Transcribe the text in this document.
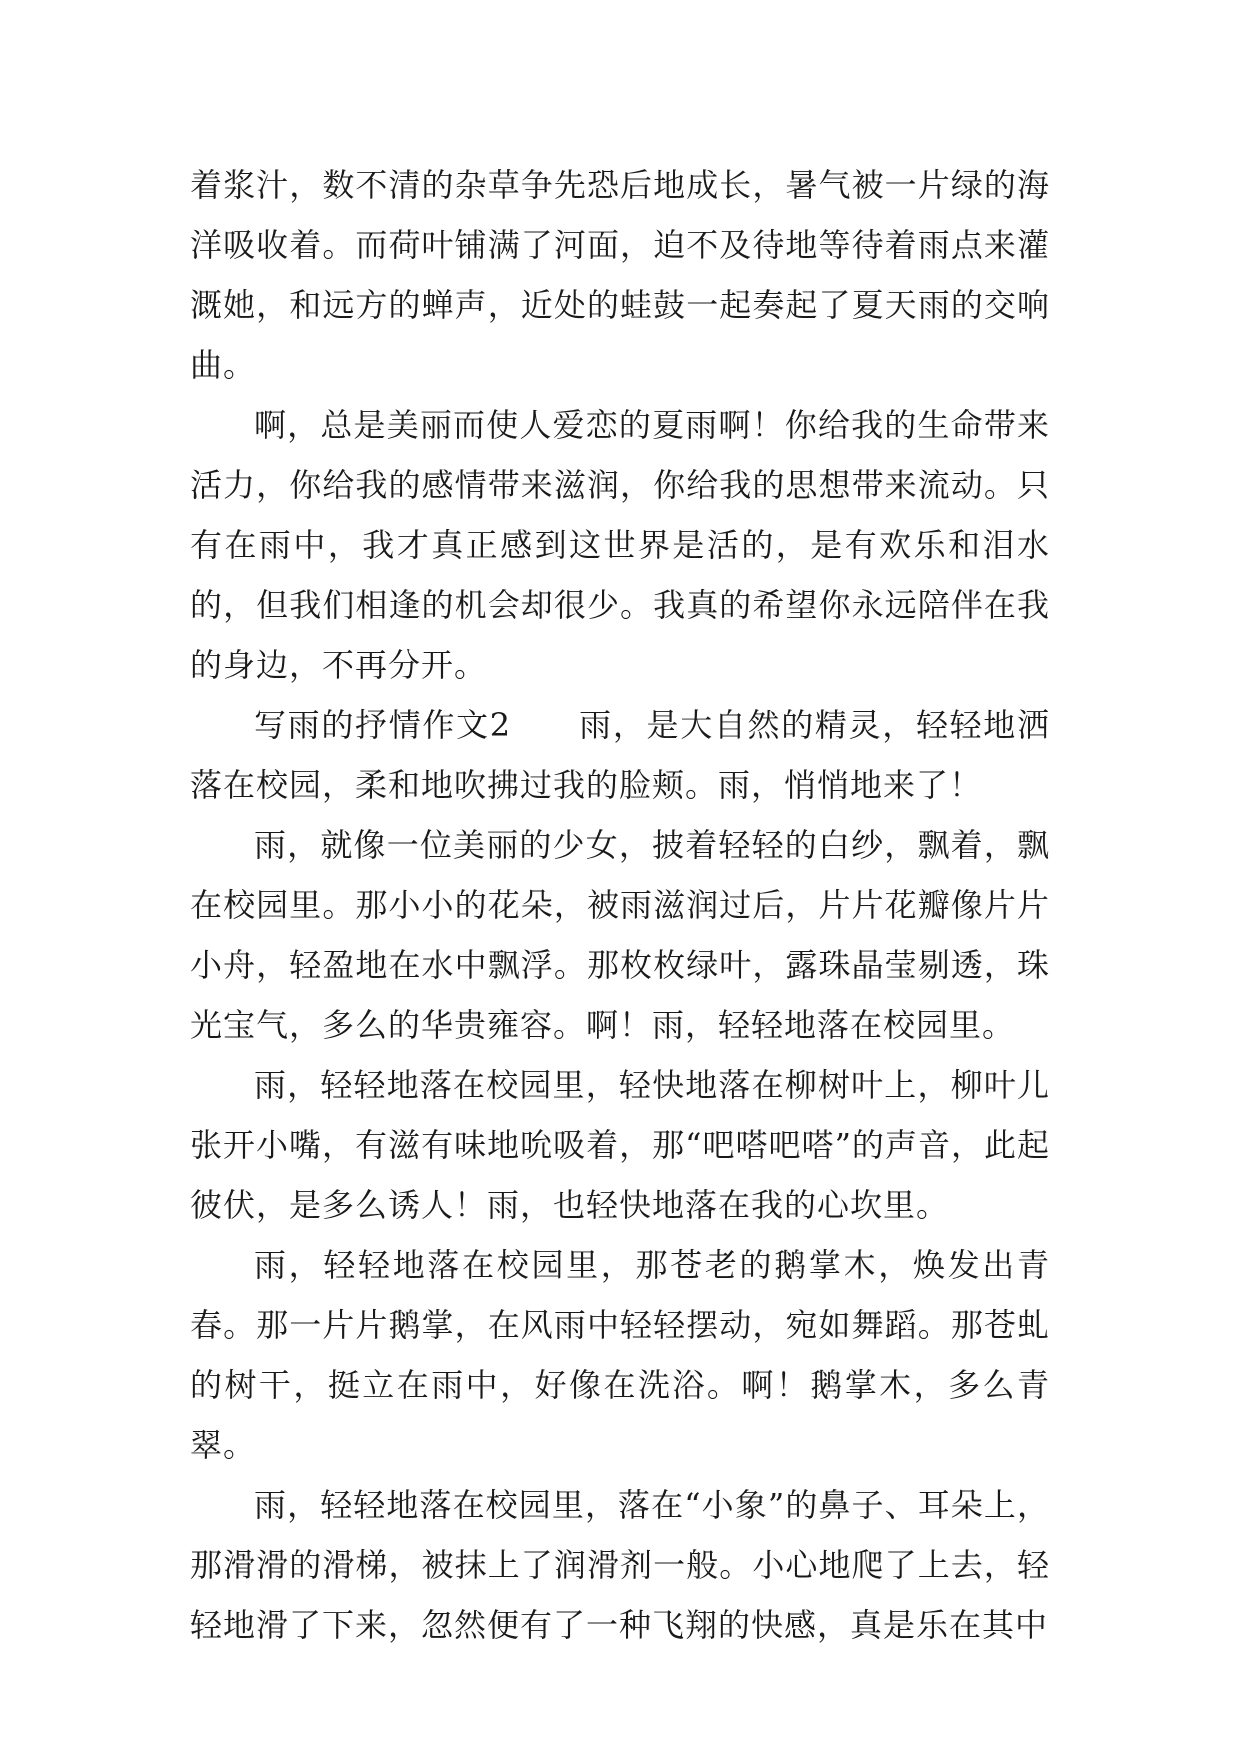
着浆汁，数不清的杂草争先恐后地成长，暑气被一片绿的海洋吸收着。而荷叶铺满了河面，迫不及待地等待着雨点来灌溉她，和远方的蝉声，近处的蛙鼓一起奏起了夏天雨的交响曲。

啊，总是美丽而使人爱恋的夏雨啊！你给我的生命带来活力，你给我的感情带来滋润，你给我的思想带来流动。只有在雨中，我才真正感到这世界是活的，是有欢乐和泪水的，但我们相逢的机会却很少。我真的希望你永远陪伴在我的身边，不再分开。

写雨的抒情作文2　　雨，是大自然的精灵，轻轻地洒落在校园，柔和地吹拂过我的脸颊。雨，悄悄地来了！

雨，就像一位美丽的少女，披着轻轻的白纱，飘着，飘在校园里。那小小的花朵，被雨滋润过后，片片花瓣像片片小舟，轻盈地在水中飘浮。那枚枚绿叶，露珠晶莹剔透，珠光宝气，多么的华贵雍容。啊！雨，轻轻地落在校园里。

雨，轻轻地落在校园里，轻快地落在柳树叶上，柳叶儿张开小嘴，有滋有味地吮吸着，那“吧嗒吧嗒”的声音，此起彼伏，是多么诱人！雨，也轻快地落在我的心坎里。

雨，轻轻地落在校园里，那苍老的鹅掌木，焕发出青春。那一片片鹅掌，在风雨中轻轻摆动，宛如舞蹈。那苍虬的树干，挺立在雨中，好像在洗浴。啊！鹅掌木，多么青翠。

雨，轻轻地落在校园里，落在“小象”的鼻子、耳朵上，那滑滑的滑梯，被抹上了润滑剂一般。小心地爬了上去，轻轻地滑了下来，忽然便有了一种飞翔的快感，真是乐在其中
